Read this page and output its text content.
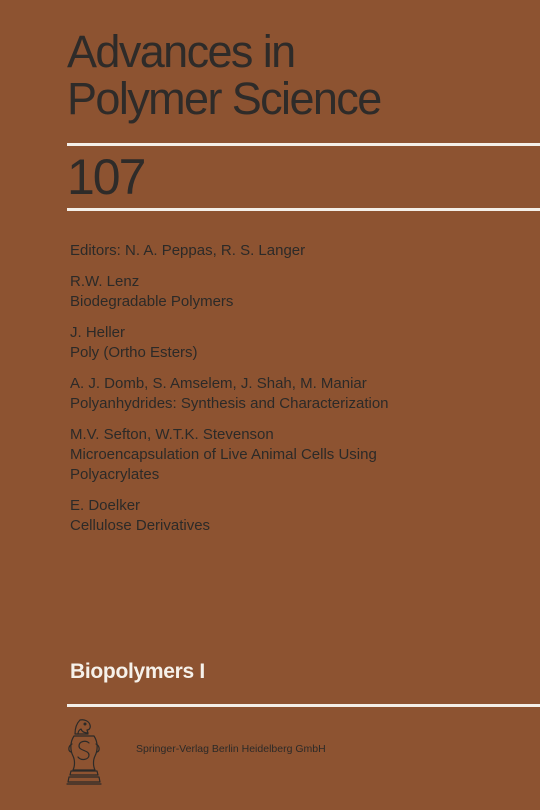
Advances in
Polymer Science
107
Editors: N. A. Peppas, R. S. Langer
R.W. Lenz
Biodegradable Polymers
J. Heller
Poly (Ortho Esters)
A. J. Domb, S. Amselem, J. Shah, M. Maniar
Polyanhydrides: Synthesis and Characterization
M.V. Sefton, W.T.K. Stevenson
Microencapsulation of Live Animal Cells Using
Polyacrylates
E. Doelker
Cellulose Derivatives
Biopolymers I
Springer-Verlag Berlin Heidelberg GmbH
